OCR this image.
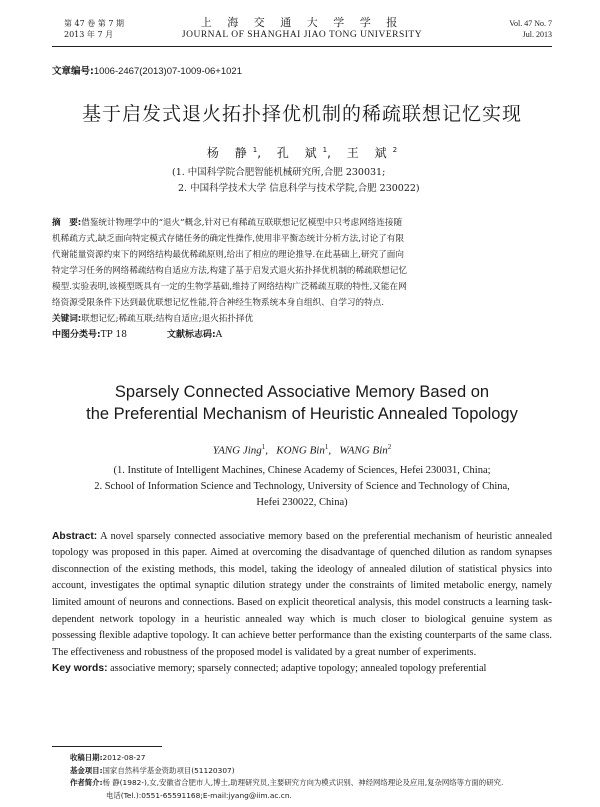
第 47 卷 第 7 期
2013 年 7 月
上 海 交 通 大 学 学 报
JOURNAL OF SHANGHAI JIAO TONG UNIVERSITY
Vol. 47 No. 7
Jul. 2013
文章编号:1006-2467(2013)07-1009-06+1021
基于启发式退火拓扑择优机制的稀疏联想记忆实现
杨 静$^1$, 孔 斌$^1$, 王 斌$^2$
(1. 中国科学院合肥智能机械研究所,合肥 230031;
2. 中国科学技术大学 信息科学与技术学院,合肥 230022)
摘　要:借鉴统计物理学中的“退火”概念,针对已有稀疏互联联想记忆模型中只考虑网络连接随
机稀疏方式,缺乏面向特定模式存储任务的确定性操作,使用非平衡态统计分析方法,讨论了有限
代谢能量资源约束下的网络结构最优稀疏原则,给出了相应的理论推导.在此基础上,研究了面向
特定学习任务的网络稀疏结构自适应方法,构建了基于启发式退火拓扑择优机制的稀疏联想记忆
模型.实验表明,该模型既具有一定的生物学基础,维持了网络结构广泛稀疏互联的特性,又能在网
络资源受限条件下达到最优联想记忆性能,符合神经生物系统本身自组织、自学习的特点.
关键词:联想记忆;稀疏互联;结构自适应;退火拓扑择优
中图分类号:TP 18	文献标志码:A
Sparsely Connected Associative Memory Based on
the Preferential Mechanism of Heuristic Annealed Topology
YANG Jing$^1$,   KONG Bin$^1$,   WANG Bin$^2$
(1. Institute of Intelligent Machines, Chinese Academy of Sciences, Hefei 230031, China;
2. School of Information Science and Technology, University of Science and Technology of China,
Hefei 230022, China)
Abstract: A novel sparsely connected associative memory based on the preferential mechanism of heuristic annealed topology was proposed in this paper. Aimed at overcoming the disadvantage of quenched dilution as random synapses disconnection of the existing methods, this model, taking the ideology of annealed dilution of statistical physics into account, investigates the optimal synaptic dilution strategy under the constraints of limited metabolic energy, namely limited amount of neurons and connections. Based on explicit theoretical analysis, this model constructs a learning task-dependent network topology in a heuristic annealed way which is much closer to biological genuine system as possessing flexible adaptive topology. It can achieve better performance than the existing counterparts of the same class. The effectiveness and robustness of the proposed model is validated by a great number of experiments.
Key words: associative memory; sparsely connected; adaptive topology; annealed topology preferential
收稿日期:2012-08-27
基金项目:国家自然科学基金资助项目(51120307)
作者简介:杨 静(1982-),女,安徽省合肥市人,博士,助理研究员,主要研究方向为模式识别、神经网络理论及应用,复杂网络等方面的研究.
电话(Tel.):0551-65591168;E-mail:jyang@iim.ac.cn.
